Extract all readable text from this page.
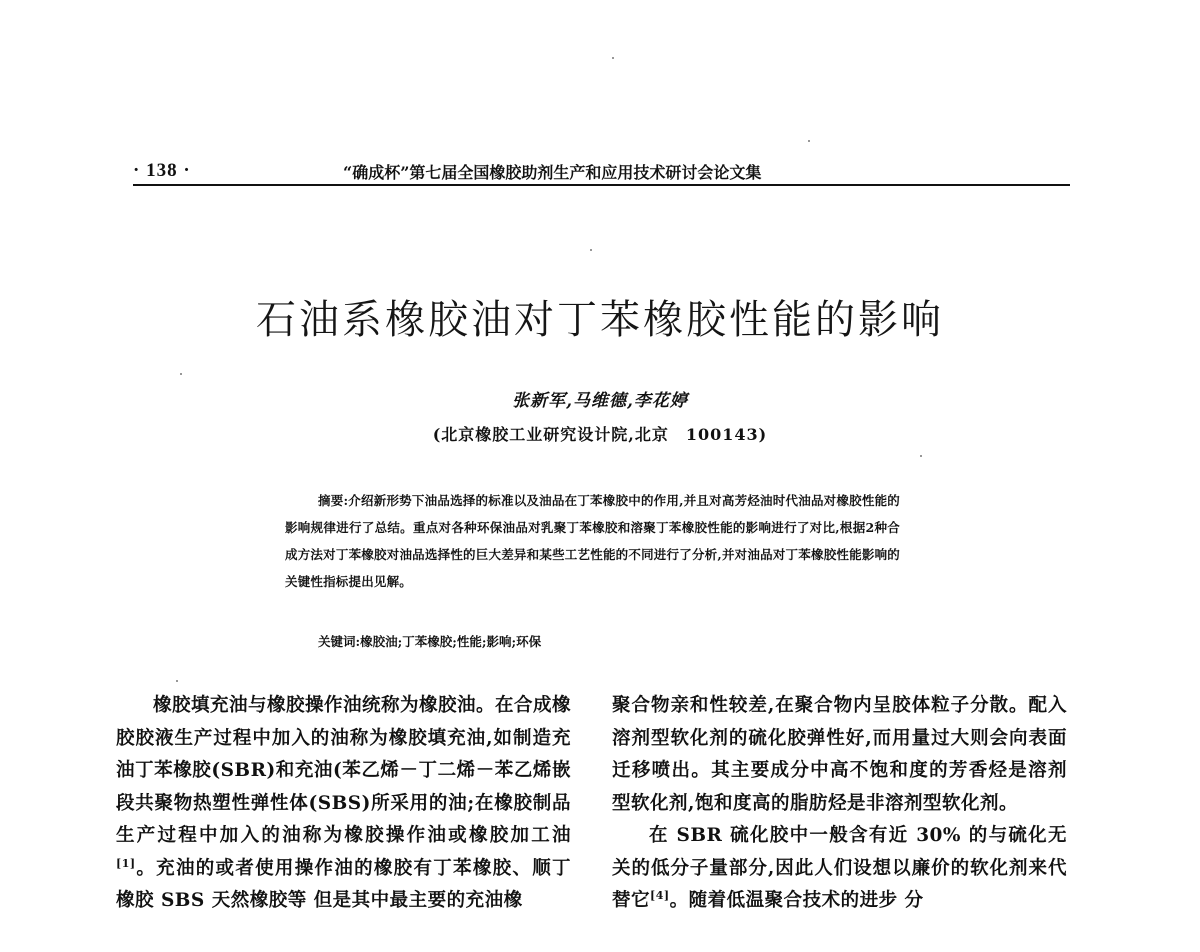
· 138 ·	“确成杯”第七届全国橡胶助剂生产和应用技术研讨会论文集
石油系橡胶油对丁苯橡胶性能的影响
张新军,马维德,李花婷
(北京橡胶工业研究设计院,北京　100143)
摘要:介绍新形势下油品选择的标准以及油品在丁苯橡胶中的作用,并且对高芳烃油时代油品对橡胶性能的影响规律进行了总结。重点对各种环保油品对乳聚丁苯橡胶和溶聚丁苯橡胶性能的影响进行了对比,根据2种合成方法对丁苯橡胶对油品选择性的巨大差异和某些工艺性能的不同进行了分析,并对油品对丁苯橡胶性能影响的关键性指标提出见解。
关键词:橡胶油;丁苯橡胶;性能;影响;环保

橡胶填充油与橡胶操作油统称为橡胶油。在合成橡胶胶液生产过程中加入的油称为橡胶填充油,如制造充油丁苯橡胶(SBR)和充油(苯乙烯－丁二烯－苯乙烯嵌段共聚物热塑性弹性体(SBS)所采用的油;在橡胶制品生产过程中加入的油称为橡胶操作油或橡胶加工油[1]。充油的或者使用操作油的橡胶有丁苯橡胶、顺丁橡胶 SBS 天然橡胶等 但是其中最主要的充油橡

聚合物亲和性较差,在聚合物内呈胶体粒子分散。配入溶剂型软化剂的硫化胶弹性好,而用量过大则会向表面迁移喷出。其主要成分中高不饱和度的芳香烃是溶剂型软化剂,饱和度高的脂肪烃是非溶剂型软化剂。

在 SBR 硫化胶中一般含有近 30% 的与硫化无关的低分子量部分,因此人们设想以廉价的软化剂来代替它[4]。随着低温聚合技术的进步 分
